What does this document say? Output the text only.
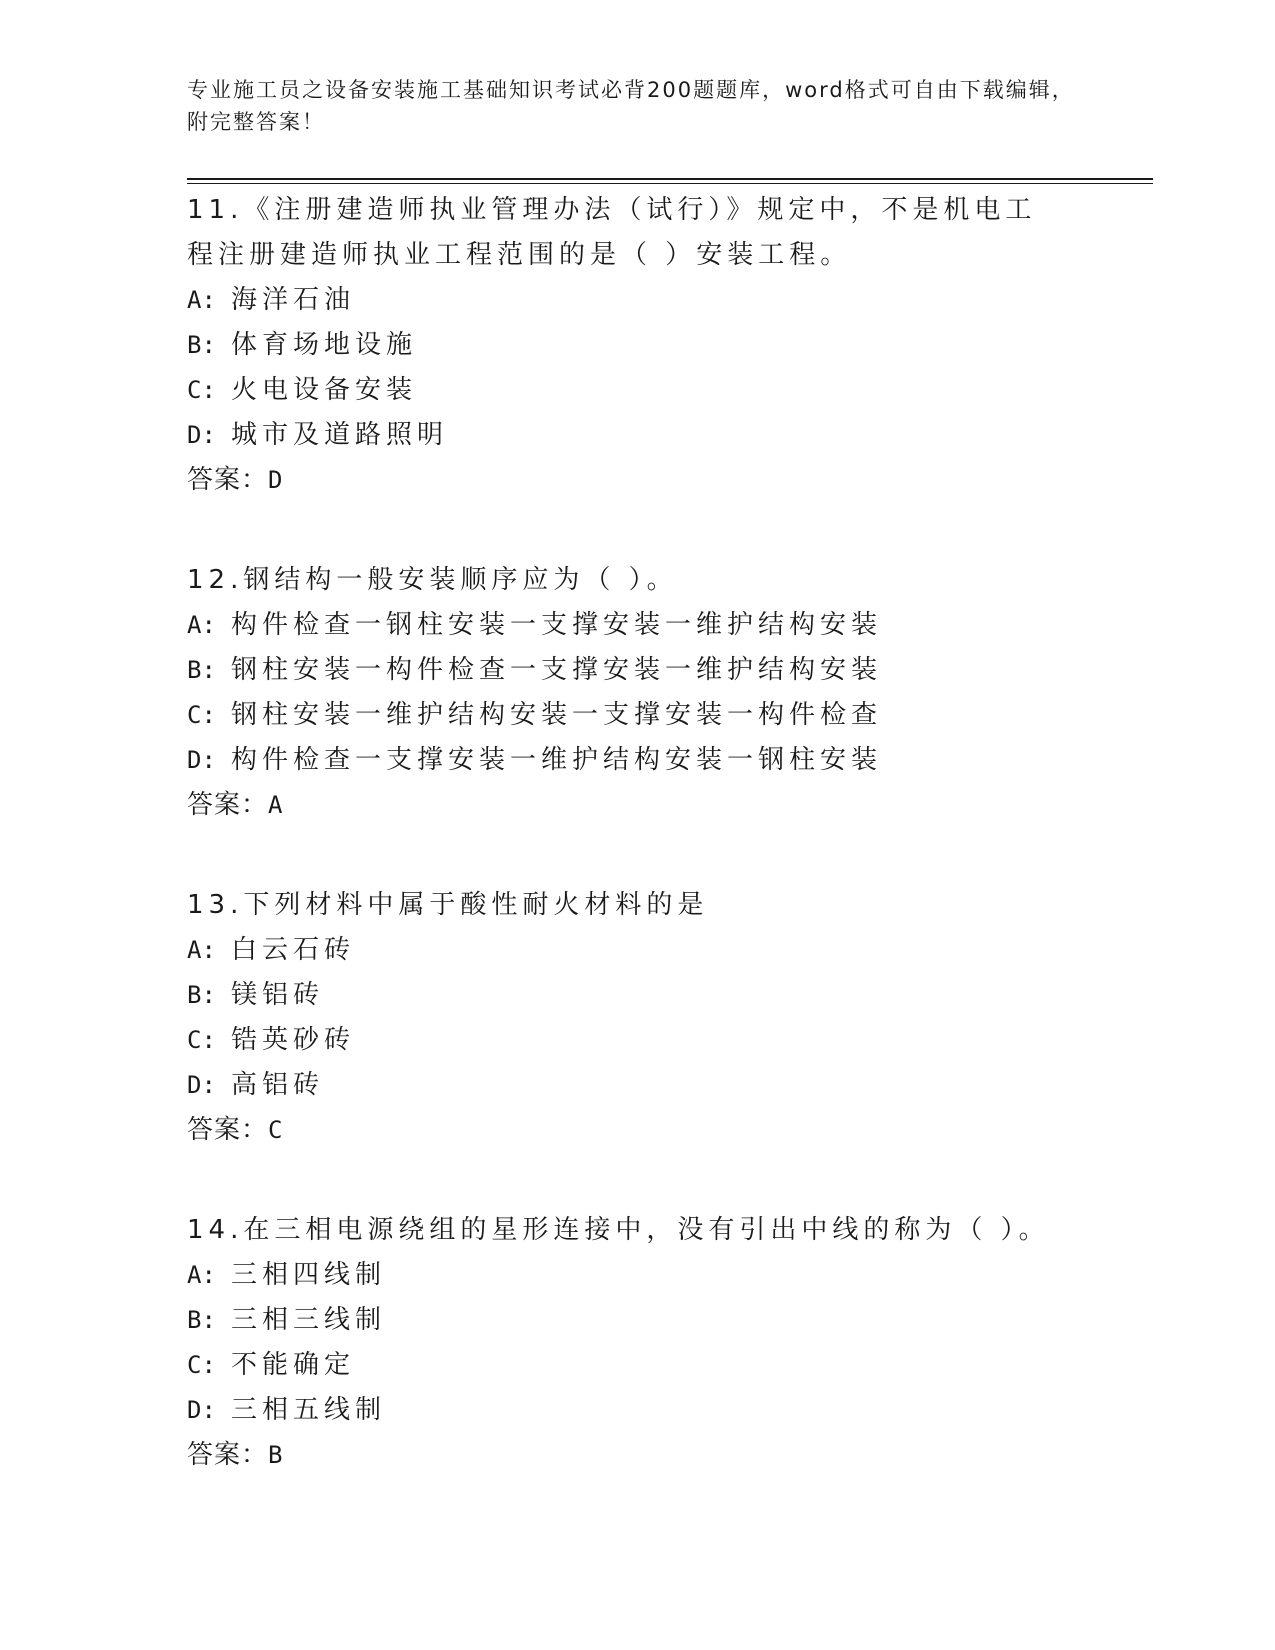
专业施工员之设备安装施工基础知识考试必背200题题库，word格式可自由下载编辑，附完整答案！
11.《注册建造师执业管理办法（试行）》规定中，不是机电工程注册建造师执业工程范围的是（ ）安装工程。
A: 海洋石油
B: 体育场地设施
C: 火电设备安装
D: 城市及道路照明
答案：D
12.钢结构一般安装顺序应为（ ）。
A: 构件检查一钢柱安装一支撑安装一维护结构安装
B: 钢柱安装一构件检查一支撑安装一维护结构安装
C: 钢柱安装一维护结构安装一支撑安装一构件检查
D: 构件检查一支撑安装一维护结构安装一钢柱安装
答案：A
13.下列材料中属于酸性耐火材料的是
A: 白云石砖
B: 镁铝砖
C: 锆英砂砖
D: 高铝砖
答案：C
14.在三相电源绕组的星形连接中，没有引出中线的称为（ ）。
A: 三相四线制
B: 三相三线制
C: 不能确定
D: 三相五线制
答案：B
